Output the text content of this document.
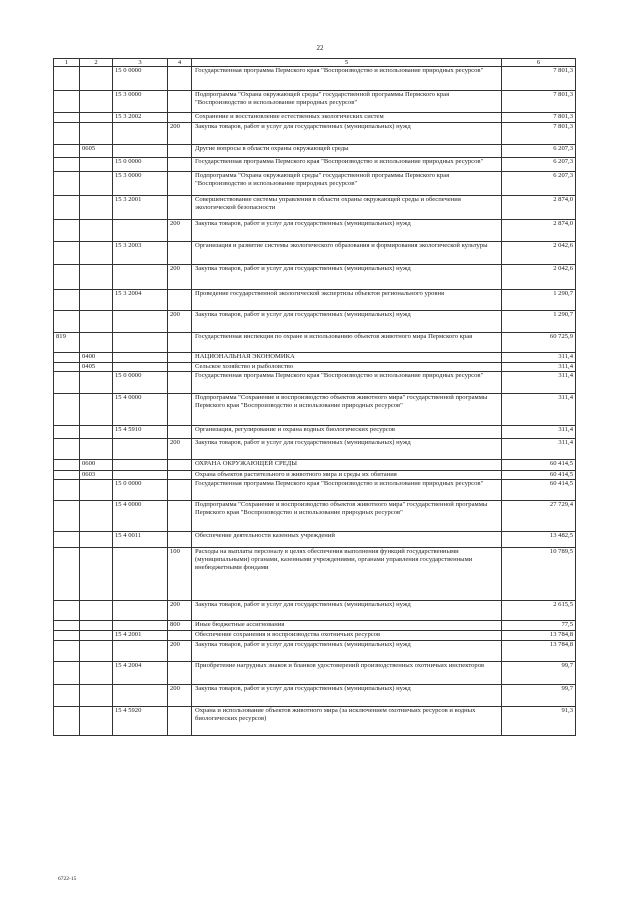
22
1	2	3	4	5	6
		15 0 0000		Государственная программа Пермского края "Воспроизводство и использование природных ресурсов"	7 801,3
		15 3 0000		Подпрограмма "Охрана окружающей среды" государственной программы Пермского края "Воспроизводство и использование природных ресурсов"	7 801,3
		15 3 2002		Сохранение и восстановление естественных экологических систем	7 801,3
			200	Закупка товаров, работ и услуг для государственных (муниципальных) нужд	7 801,3
	0605			Другие вопросы в области охраны окружающей среды	6 207,3
		15 0 0000		Государственная программа Пермского края "Воспроизводство и использование природных ресурсов"	6 207,3
		15 3 0000		Подпрограмма "Охрана окружающей среды" государственной программы Пермского края "Воспроизводство и использование природных ресурсов"	6 207,3
		15 3 2001		Совершенствование системы управления в области охраны окружающей среды и обеспечения экологической безопасности	2 874,0
			200	Закупка товаров, работ и услуг для государственных (муниципальных) нужд	2 874,0
		15 3 2003		Организация и развитие системы экологического образования и формирования экологической культуры	2 042,6
			200	Закупка товаров, работ и услуг для государственных (муниципальных) нужд	2 042,6
		15 3 2004		Проведение государственной экологической экспертизы объектов регионального уровня	1 290,7
			200	Закупка товаров, работ и услуг для государственных (муниципальных) нужд	1 290,7
819				Государственная инспекция по охране и использованию объектов животного мира Пермского края	60 725,9
	0400			НАЦИОНАЛЬНАЯ ЭКОНОМИКА	311,4
	0405			Сельское хозяйство и рыболовство	311,4
		15 0 0000		Государственная программа Пермского края "Воспроизводство и использование природных ресурсов"	311,4
		15 4 0000		Подпрограмма "Сохранение и воспроизводство объектов животного мира" государственной программы Пермского края "Воспроизводство и использование природных ресурсов"	311,4
		15 4 5910		Организация, регулирование и охрана водных биологических ресурсов	311,4
			200	Закупка товаров, работ и услуг для государственных (муниципальных) нужд	311,4
	0600			ОХРАНА ОКРУЖАЮЩЕЙ СРЕДЫ	60 414,5
	0603			Охрана объектов растительного и животного мира и среды их обитания	60 414,5
		15 0 0000		Государственная программа Пермского края "Воспроизводство и использование природных ресурсов"	60 414,5
		15 4 0000		Подпрограмма "Сохранение и воспроизводство объектов животного мира" государственной программы Пермского края "Воспроизводство и использование природных ресурсов"	27 729,4
		15 4 0011		Обеспечение деятельности казенных учреждений	13 482,5
			100	Расходы на выплаты персоналу в целях обеспечения выполнения функций государственными (муниципальными) органами, казенными учреждениями, органами управления государственными внебюджетными фондами	10 789,5
			200	Закупка товаров, работ и услуг для государственных (муниципальных) нужд	2 615,5
			800	Иные бюджетные ассигнования	77,5
		15 4 2001		Обеспечение сохранения и воспроизводства охотничьих ресурсов	13 784,8
			200	Закупка товаров, работ и услуг для государственных (муниципальных) нужд	13 784,8
		15 4 2004		Приобретение нагрудных знаков и бланков удостоверений производственных охотничьих инспекторов	99,7
			200	Закупка товаров, работ и услуг для государственных (муниципальных) нужд	99,7
		15 4 5920		Охрана и использование объектов животного мира (за исключением охотничьих ресурсов и водных биологических ресурсов)	91,3
6722-15
